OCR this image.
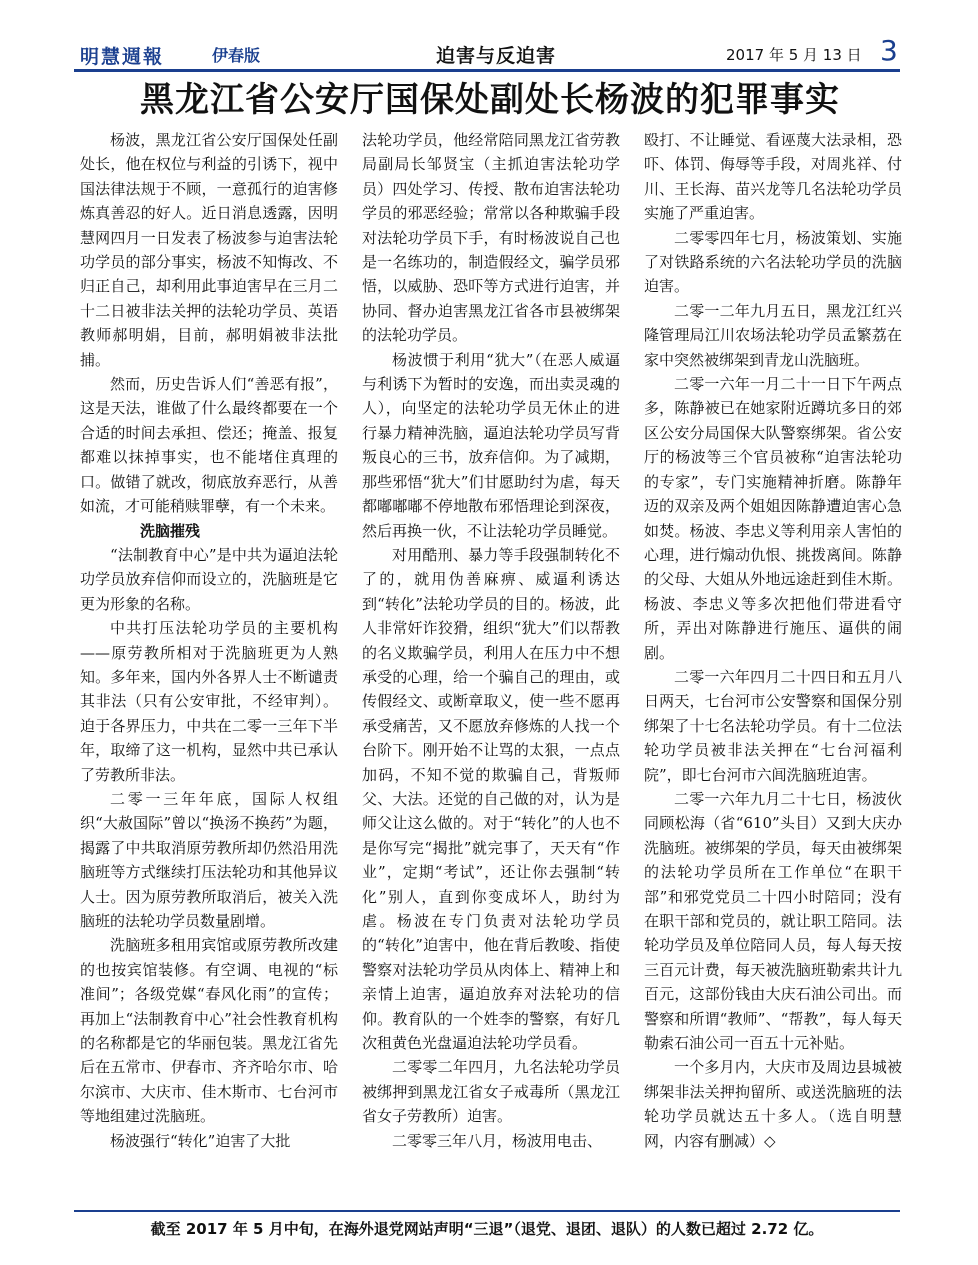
明慧週報	伊春版	迫害与反迫害	2017 年 5 月 13 日 3
黑龙江省公安厅国保处副处长杨波的犯罪事实

杨波，黑龙江省公安厅国保处任副处长，他在权位与利益的引诱下，视中国法律法规于不顾，一意孤行的迫害修炼真善忍的好人。近日消息透露，因明慧网四月一日发表了杨波参与迫害法轮功学员的部分事实，杨波不知悔改、不归正自己，却利用此事迫害早在三月二十二日被非法关押的法轮功学员、英语教师郝明娟，目前，郝明娟被非法批捕。

然而，历史告诉人们“善恶有报”，这是天法，谁做了什么最终都要在一个合适的时间去承担、偿还；掩盖、报复都难以抹掉事实，也不能堵住真理的口。做错了就改，彻底放弃恶行，从善如流，才可能稍赎罪孽，有一个未来。

洗脑摧残

“法制教育中心”是中共为逼迫法轮功学员放弃信仰而设立的，洗脑班是它更为形象的名称。

中共打压法轮功学员的主要机构——原劳教所相对于洗脑班更为人熟知。多年来，国内外各界人士不断谴责其非法（只有公安审批，不经审判）。迫于各界压力，中共在二零一三年下半年，取缔了这一机构，显然中共已承认了劳教所非法。

二零一三年年底，国际人权组织“大赦国际”曾以“换汤不换药”为题，揭露了中共取消原劳教所却仍然沿用洗脑班等方式继续打压法轮功和其他异议人士。因为原劳教所取消后，被关入洗脑班的法轮功学员数量剧增。

洗脑班多租用宾馆或原劳教所改建的也按宾馆装修。有空调、电视的“标准间”；各级党媒“春风化雨”的宣传；再加上“法制教育中心”社会性教育机构的名称都是它的华丽包装。黑龙江省先后在五常市、伊春市、齐齐哈尔市、哈尔滨市、大庆市、佳木斯市、七台河市等地组建过洗脑班。

杨波强行“转化”迫害了大批

法轮功学员，他经常陪同黑龙江省劳教局副局长邹贤宝（主抓迫害法轮功学员）四处学习、传授、散布迫害法轮功学员的邪恶经验；常常以各种欺骗手段对法轮功学员下手，有时杨波说自己也是一名练功的，制造假经文，骗学员邪悟，以威胁、恐吓等方式进行迫害，并协同、督办迫害黑龙江省各市县被绑架的法轮功学员。

杨波惯于利用“犹大”（在恶人威逼与利诱下为暂时的安逸，而出卖灵魂的人），向坚定的法轮功学员无休止的进行暴力精神洗脑，逼迫法轮功学员写背叛良心的三书，放弃信仰。为了减期，那些邪悟“犹大”们甘愿助纣为虐，每天都嘟嘟嘟不停地散布邪悟理论到深夜，然后再换一伙，不让法轮功学员睡觉。

对用酷刑、暴力等手段强制转化不了的，就用伪善麻痹、威逼利诱达到“转化”法轮功学员的目的。杨波，此人非常奸诈狡猾，组织“犹大”们以帮教的名义欺骗学员，利用人在压力中不想承受的心理，给一个骗自己的理由，或传假经文、或断章取义，使一些不愿再承受痛苦，又不愿放弃修炼的人找一个台阶下。刚开始不让骂的太狠，一点点加码，不知不觉的欺骗自己，背叛师父、大法。还觉的自己做的对，认为是师父让这么做的。对于“转化”的人也不是你写完“揭批”就完事了，天天有“作业”，定期“考试”，还让你去强制“转化”别人，直到你变成坏人，助纣为虐。杨波在专门负责对法轮功学员的“转化”迫害中，他在背后教唆、指使警察对法轮功学员从肉体上、精神上和亲情上迫害，逼迫放弃对法轮功的信仰。教育队的一个姓李的警察，有好几次租黄色光盘逼迫法轮功学员看。

二零零二年四月，九名法轮功学员被绑押到黑龙江省女子戒毒所（黑龙江省女子劳教所）迫害。

二零零三年八月，杨波用电击、

殴打、不让睡觉、看诬蔑大法录相，恐吓、体罚、侮辱等手段，对周兆祥、付川、王长海、苗兴龙等几名法轮功学员实施了严重迫害。

二零零四年七月，杨波策划、实施了对铁路系统的六名法轮功学员的洗脑迫害。

二零一二年九月五日，黑龙江红兴隆管理局江川农场法轮功学员孟繁荔在家中突然被绑架到青龙山洗脑班。

二零一六年一月二十一日下午两点多，陈静被已在她家附近蹲坑多日的郊区公安分局国保大队警察绑架。省公安厅的杨波等三个官员被称“迫害法轮功的专家”，专门实施精神折磨。陈静年迈的双亲及两个姐姐因陈静遭迫害心急如焚。杨波、李忠义等利用亲人害怕的心理，进行煽动仇恨、挑拨离间。陈静的父母、大姐从外地远途赶到佳木斯。杨波、李忠义等多次把他们带进看守所，弄出对陈静进行施压、逼供的闹剧。

二零一六年四月二十四日和五月八日两天，七台河市公安警察和国保分别绑架了十七名法轮功学员。有十二位法轮功学员被非法关押在“七台河福利院”，即七台河市六闾洗脑班迫害。

二零一六年九月二十七日，杨波伙同顾松海（省“610”头目）又到大庆办洗脑班。被绑架的学员，每天由被绑架的法轮功学员所在工作单位“在职干部”和邪党党员二十四小时陪同；没有在职干部和党员的，就让职工陪同。法轮功学员及单位陪同人员，每人每天按三百元计费，每天被洗脑班勒索共计九百元，这部份钱由大庆石油公司出。而警察和所谓“教师”、“帮教”，每人每天勒索石油公司一百五十元补贴。

一个多月内，大庆市及周边县城被绑架非法关押拘留所、或送洗脑班的法轮功学员就达五十多人。（选自明慧网，内容有删减）◇

截至 2017 年 5 月中旬，在海外退党网站声明“三退”（退党、退团、退队）的人数已超过 2.72 亿。
